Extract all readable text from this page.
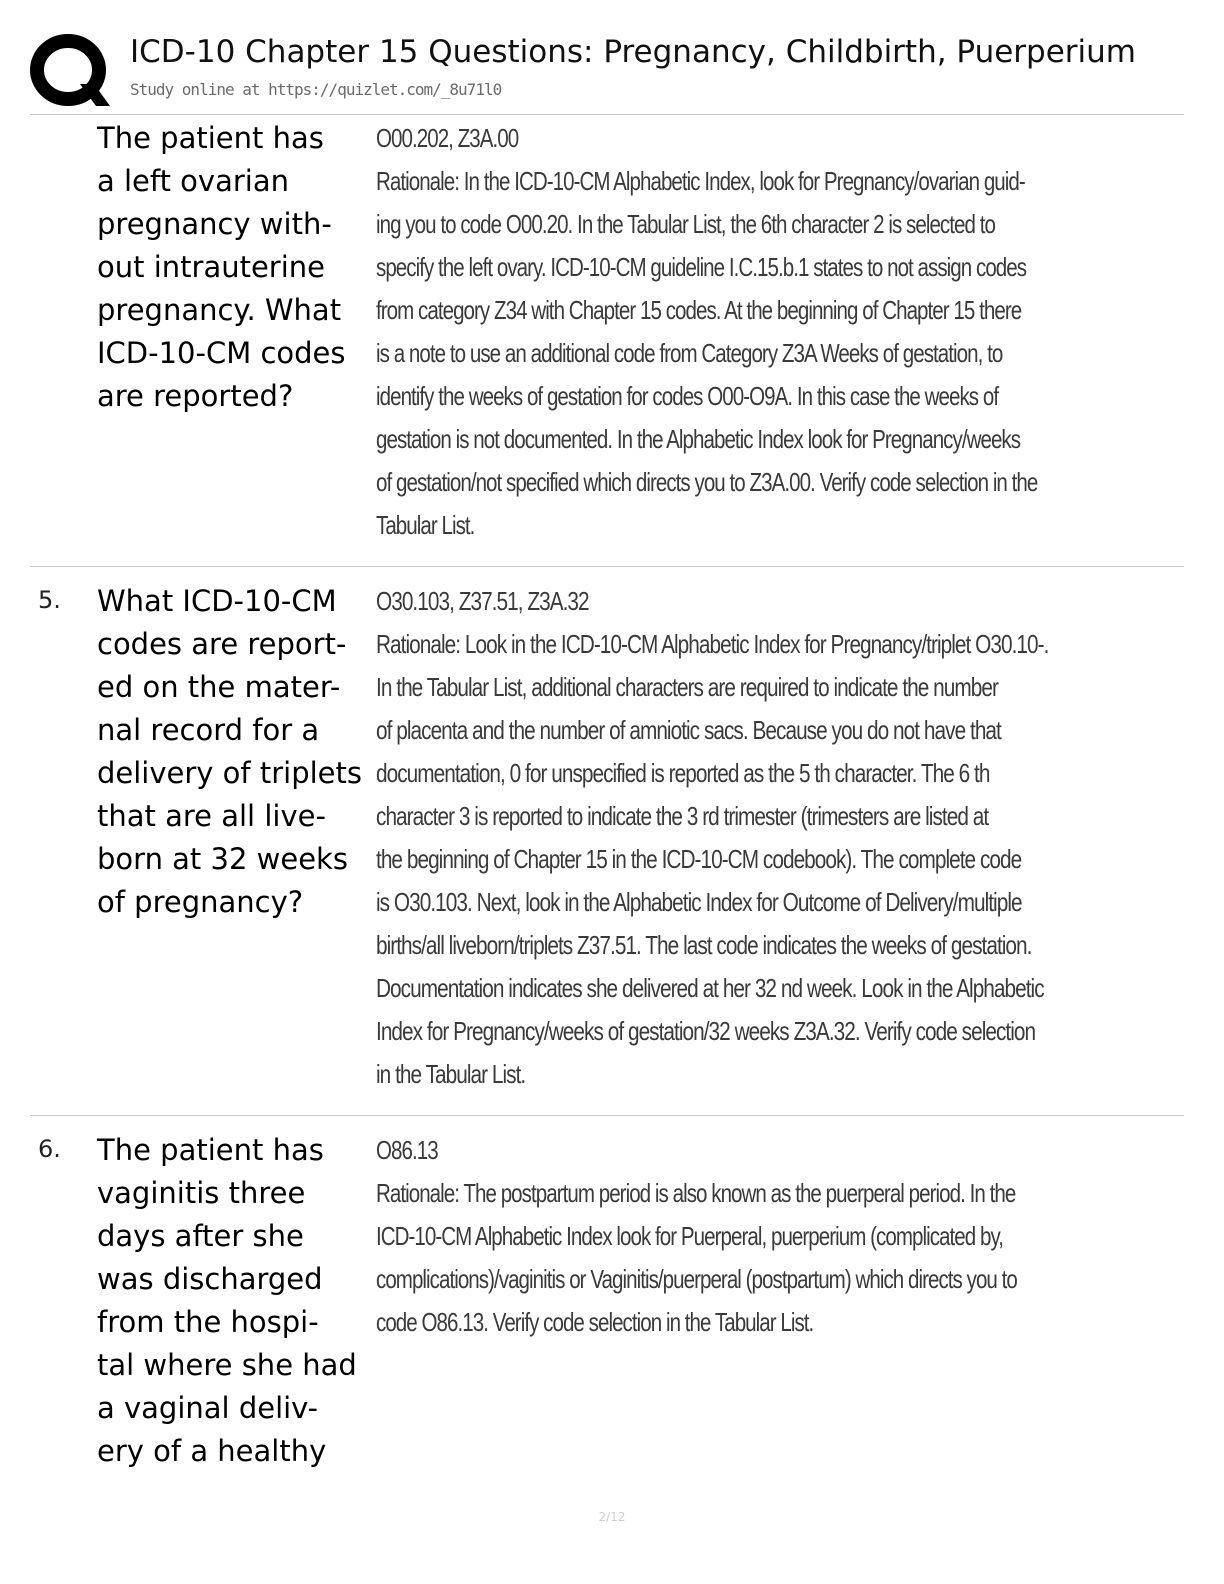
ICD-10 Chapter 15 Questions: Pregnancy, Childbirth, Puerperium
Study online at https://quizlet.com/_8u71l0
The patient has
a left ovarian
pregnancy with-
out intrauterine
pregnancy. What
ICD-10-CM codes
are reported?
O00.202, Z3A.00
Rationale: In the ICD-10-CM Alphabetic Index, look for Pregnancy/ovarian guid-
ing you to code O00.20. In the Tabular List, the 6th character 2 is selected to
specify the left ovary. ICD-10-CM guideline I.C.15.b.1 states to not assign codes
from category Z34 with Chapter 15 codes. At the beginning of Chapter 15 there
is a note to use an additional code from Category Z3A Weeks of gestation, to
identify the weeks of gestation for codes O00-O9A. In this case the weeks of
gestation is not documented. In the Alphabetic Index look for Pregnancy/weeks
of gestation/not specified which directs you to Z3A.00. Verify code selection in the
Tabular List.
5. What ICD-10-CM
codes are report-
ed on the mater-
nal record for a
delivery of triplets
that are all live-
born at 32 weeks
of pregnancy?
O30.103, Z37.51, Z3A.32
Rationale: Look in the ICD-10-CM Alphabetic Index for Pregnancy/triplet O30.10-.
In the Tabular List, additional characters are required to indicate the number
of placenta and the number of amniotic sacs. Because you do not have that
documentation, 0 for unspecified is reported as the 5 th character. The 6 th
character 3 is reported to indicate the 3 rd trimester (trimesters are listed at
the beginning of Chapter 15 in the ICD-10-CM codebook). The complete code
is O30.103. Next, look in the Alphabetic Index for Outcome of Delivery/multiple
births/all liveborn/triplets Z37.51. The last code indicates the weeks of gestation.
Documentation indicates she delivered at her 32 nd week. Look in the Alphabetic
Index for Pregnancy/weeks of gestation/32 weeks Z3A.32. Verify code selection
in the Tabular List.
6. The patient has
vaginitis three
days after she
was discharged
from the hospi-
tal where she had
a vaginal deliv-
ery of a healthy
O86.13
Rationale: The postpartum period is also known as the puerperal period. In the
ICD-10-CM Alphabetic Index look for Puerperal, puerperium (complicated by,
complications)/vaginitis or Vaginitis/puerperal (postpartum) which directs you to
code O86.13. Verify code selection in the Tabular List.
2/12
